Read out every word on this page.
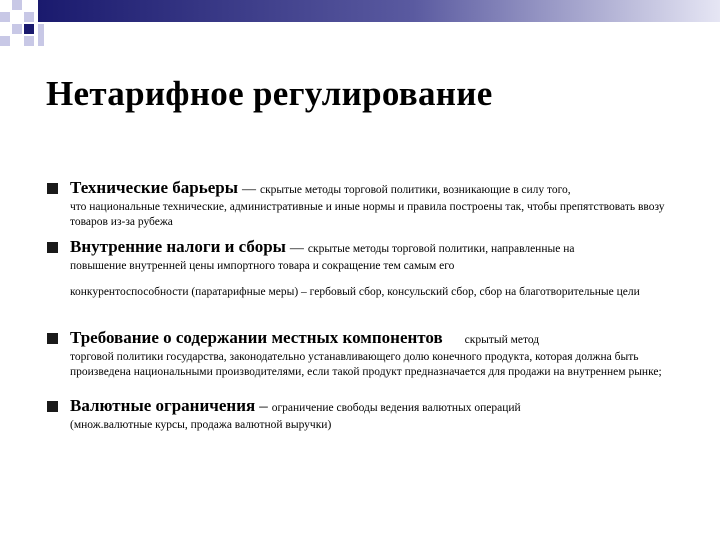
Нетарифное регулирование
Технические барьеры — скрытые методы торговой политики, возникающие в силу того,
что национальные технические, административные и иные нормы и правила построены так, чтобы препятствовать ввозу товаров из-за рубежа
Внутренние налоги и сборы — скрытые методы торговой политики, направленные на
повышение внутренней цены импортного товара и сокращение тем самым его
конкурентоспособности (паратарифные меры) – гербовый сбор, консульский сбор, сбор на благотворительные цели
Требование о содержании местных компонентов скрытый метод
торговой политики государства, законодательно устанавливающего долю конечного продукта, которая должна быть произведена национальными производителями, если такой продукт предназначается для продажи на внутреннем рынке;
Валютные ограничения – ограничение свободы ведения валютных операций
(множ.валютные курсы, продажа валютной выручки)
